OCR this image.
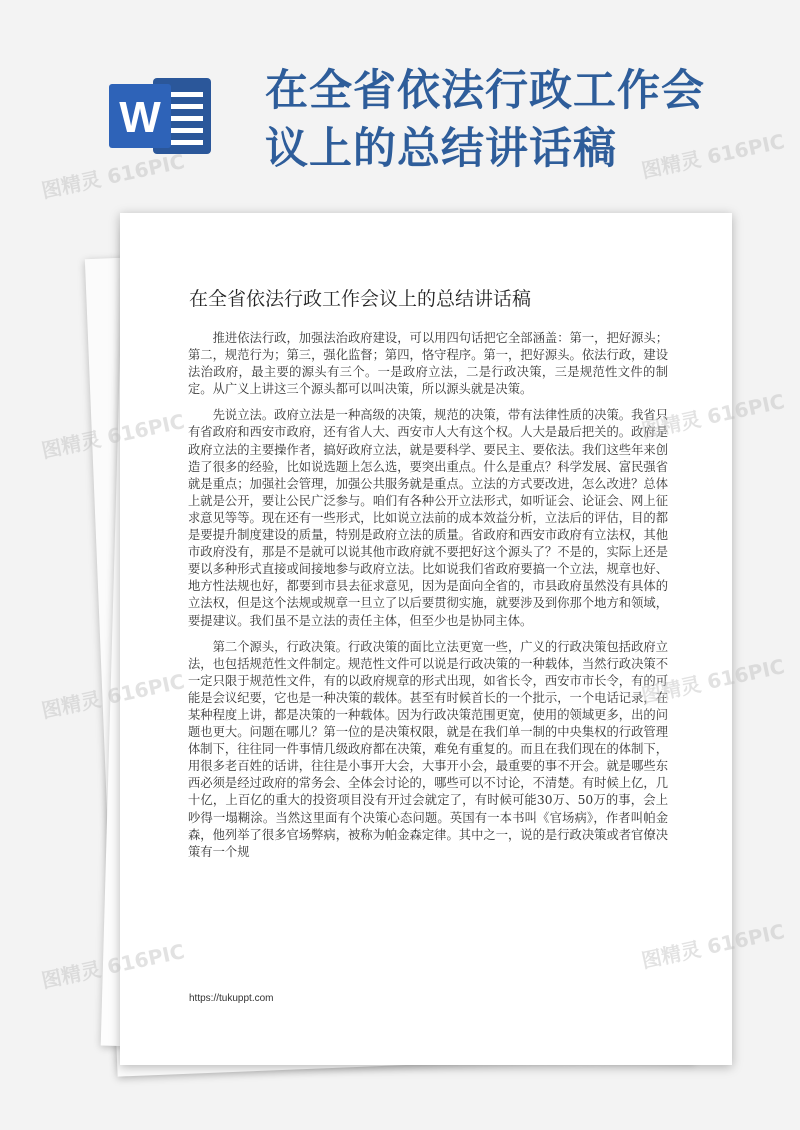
W
在全省依法行政工作会
议上的总结讲话稿
在全省依法行政工作会议上的总结讲话稿

推进依法行政，加强法治政府建设，可以用四句话把它全部涵盖：第一，把好源头；第二，规范行为；第三，强化监督；第四，恪守程序。第一，把好源头。依法行政，建设法治政府，最主要的源头有三个。一是政府立法，二是行政决策，三是规范性文件的制定。从广义上讲这三个源头都可以叫决策，所以源头就是决策。

先说立法。政府立法是一种高级的决策，规范的决策，带有法律性质的决策。我省只有省政府和西安市政府，还有省人大、西安市人大有这个权。人大是最后把关的。政府是政府立法的主要操作者，搞好政府立法，就是要科学、要民主、要依法。我们这些年来创造了很多的经验，比如说选题上怎么选，要突出重点。什么是重点？科学发展、富民强省就是重点；加强社会管理，加强公共服务就是重点。立法的方式要改进，怎么改进？总体上就是公开，要让公民广泛参与。咱们有各种公开立法形式，如听证会、论证会、网上征求意见等等。现在还有一些形式，比如说立法前的成本效益分析，立法后的评估，目的都是要提升制度建设的质量，特别是政府立法的质量。省政府和西安市政府有立法权，其他市政府没有，那是不是就可以说其他市政府就不要把好这个源头了？不是的，实际上还是要以多种形式直接或间接地参与政府立法。比如说我们省政府要搞一个立法，规章也好、地方性法规也好，都要到市县去征求意见，因为是面向全省的，市县政府虽然没有具体的立法权，但是这个法规或规章一旦立了以后要贯彻实施，就要涉及到你那个地方和领域，要提建议。我们虽不是立法的责任主体，但至少也是协同主体。

第二个源头，行政决策。行政决策的面比立法更宽一些，广义的行政决策包括政府立法，也包括规范性文件制定。规范性文件可以说是行政决策的一种载体，当然行政决策不一定只限于规范性文件，有的以政府规章的形式出现，如省长令，西安市市长令，有的可能是会议纪要，它也是一种决策的载体。甚至有时候首长的一个批示，一个电话记录，在某种程度上讲，都是决策的一种载体。因为行政决策范围更宽，使用的领域更多，出的问题也更大。问题在哪儿？第一位的是决策权限，就是在我们单一制的中央集权的行政管理体制下，往往同一件事情几级政府都在决策，难免有重复的。而且在我们现在的体制下，用很多老百姓的话讲，往往是小事开大会，大事开小会，最重要的事不开会。就是哪些东西必须是经过政府的常务会、全体会讨论的，哪些可以不讨论，不清楚。有时候上亿，几十亿，上百亿的重大的投资项目没有开过会就定了，有时候可能30万、50万的事，会上吵得一塌糊涂。当然这里面有个决策心态问题。英国有一本书叫《官场病》，作者叫帕金森，他列举了很多官场弊病，被称为帕金森定律。其中之一，说的是行政决策或者官僚决策有一个规

https://tukuppt.com
图精灵 616PIC	图精灵 616PIC
图精灵 616PIC	图精灵 616PIC
图精灵 616PIC	图精灵 616PIC
图精灵 616PIC	图精灵 616PIC
